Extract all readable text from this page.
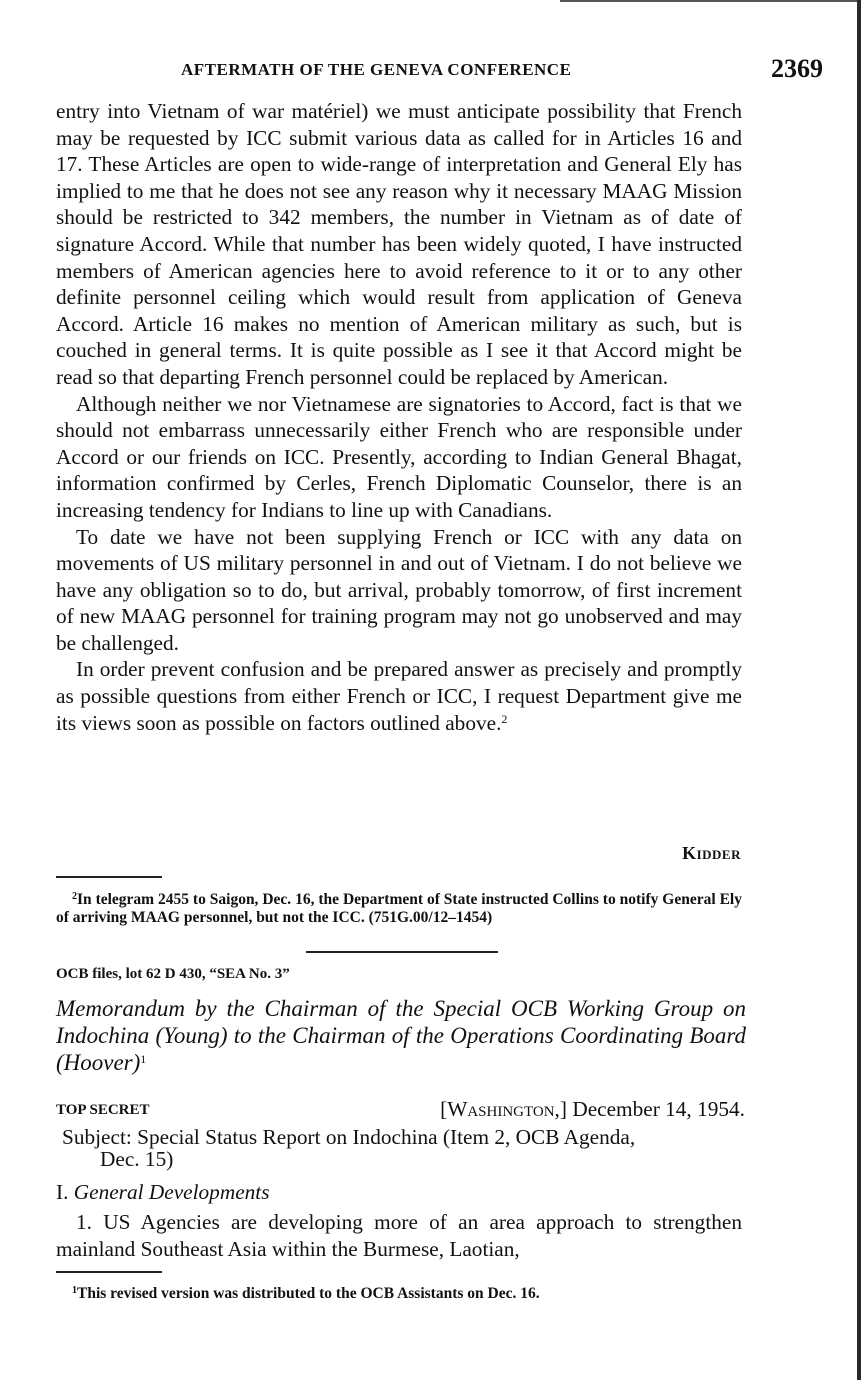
AFTERMATH OF THE GENEVA CONFERENCE	2369

entry into Vietnam of war matériel) we must anticipate possibility that French may be requested by ICC submit various data as called for in Articles 16 and 17. These Articles are open to wide-range of interpretation and General Ely has implied to me that he does not see any reason why it necessary MAAG Mission should be restricted to 342 members, the number in Vietnam as of date of signature Accord. While that number has been widely quoted, I have instructed members of American agencies here to avoid reference to it or to any other definite personnel ceiling which would result from application of Geneva Accord. Article 16 makes no mention of American military as such, but is couched in general terms. It is quite possible as I see it that Accord might be read so that departing French personnel could be replaced by American.

Although neither we nor Vietnamese are signatories to Accord, fact is that we should not embarrass unnecessarily either French who are responsible under Accord or our friends on ICC. Presently, according to Indian General Bhagat, information confirmed by Cerles, French Diplomatic Counselor, there is an increasing tendency for Indians to line up with Canadians.

To date we have not been supplying French or ICC with any data on movements of US military personnel in and out of Vietnam. I do not believe we have any obligation so to do, but arrival, probably tomorrow, of first increment of new MAAG personnel for training program may not go unobserved and may be challenged.

In order prevent confusion and be prepared answer as precisely and promptly as possible questions from either French or ICC, I request Department give me its views soon as possible on factors outlined above.$^2$

Kidder

$^2$In telegram 2455 to Saigon, Dec. 16, the Department of State instructed Collins to notify General Ely of arriving MAAG personnel, but not the ICC. (751G.00/12–1454)

OCB files, lot 62 D 430, “SEA No. 3”

Memorandum by the Chairman of the Special OCB Working Group on Indochina (Young) to the Chairman of the Operations Coordinating Board (Hoover)$^1$

TOP SECRET	[Washington,] December 14, 1954.
Subject: Special Status Report on Indochina (Item 2, OCB Agenda,
Dec. 15)
I. General Developments

1. US Agencies are developing more of an area approach to strengthen mainland Southeast Asia within the Burmese, Laotian,

$^1$This revised version was distributed to the OCB Assistants on Dec. 16.
